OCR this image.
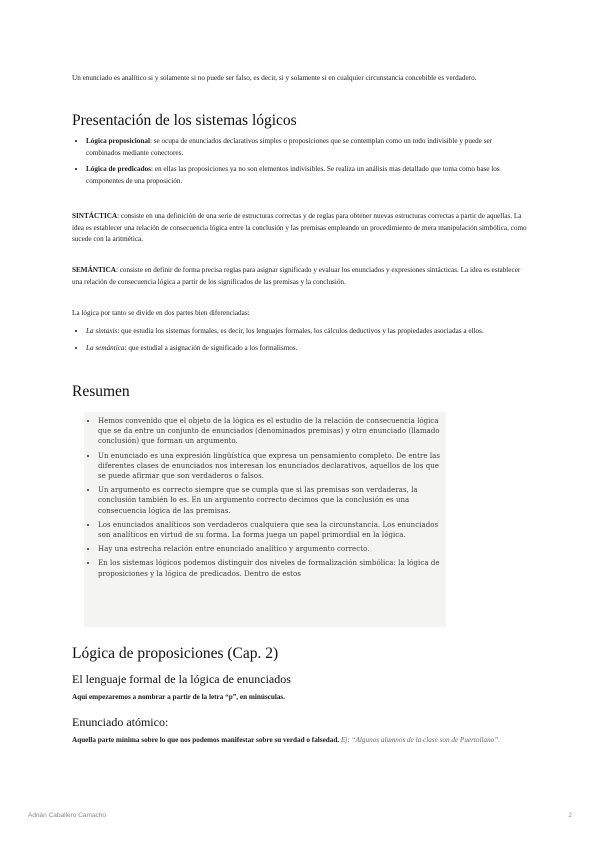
Un enunciado es analítico si y solamente si no puede ser falso, es decir, si y solamente si en cualquier circunstancia concebible es verdadero.

Presentación de los sistemas lógicos
• Lógica proposicional: se ocupa de enunciados declarativos simples o proposiciones que se contemplan como un todo indivisible y puede ser combinados mediante conectores.
• Lógica de predicados: en ellas las proposiciones ya no son elementos indivisibles. Se realiza un análisis mas detallado que toma como base los componentes de una proposición.

SINTÁCTICA: consiste en una definición de una serie de estructuras correctas y de reglas para obtener nuevas estructuras correctas a partir de aquellas. La idea es establecer una relación de consecuencia lógica entre la conclusión y las premisas empleando un procedimiento de mera manipulación simbólica, como sucede con la aritmética.

SEMÁNTICA: consiste en definir de forma precisa reglas para asignar significado y evaluar los enunciados y expresiones sintácticas. La idea es establecer una relación de consecuencia lógica a partir de los significados de las premisas y la conclusión.

La lógica por tanto se divide en dos partes bien diferenciadas:

• La sintaxis: que estudia los sistemas formales, es decir, los lenguajes formales, los cálculos deductivos y las propiedades asociadas a ellos.
• La semántica: que estudial a asignación de significado a los formalismos.
Resumen
Lógica de proposiciones (Cap. 2)
El lenguaje formal de la lógica de enunciados

Aquí empezaremos a nombrar a partir de la letra “p”, en minúsculas.

Enunciado atómico:

Aquella parte mínima sobre lo que nos podemos manifestar sobre su verdad o falsedad. Ej: “Algunos alumnos de la clase son de Puertollano”.

• Hemos convenido que el objeto de la lógica es el estudio de la relación de consecuencia lógica que se da entre un conjunto de enunciados (denominados premisas) y otro enunciado (llamado conclusión) que forman un argumento.
• Un enunciado es una expresión lingüística que expresa un pensamiento completo. De entre las diferentes clases de enunciados nos interesan los enunciados declarativos, aquellos de los que se puede afirmar que son verdaderos o falsos.
• Un argumento es correcto siempre que se cumpla que si las premisas son verdaderas, la conclusión también lo es. En un argumento correcto decimos que la conclusión es una consecuencia lógica de las premisas.
• Los enunciados analíticos son verdaderos cualquiera que sea la circunstancia. Los enunciados son analíticos en virtud de su forma. La forma juega un papel primordial en la lógica.
• Hay una estrecha relación entre enunciado analítico y argumento correcto.
• En los sistemas lógicos podemos distinguir dos niveles de formalización simbólica: la lógica de proposiciones y la lógica de predicados. Dentro de estos
Adrián Caballero Camacho	2
